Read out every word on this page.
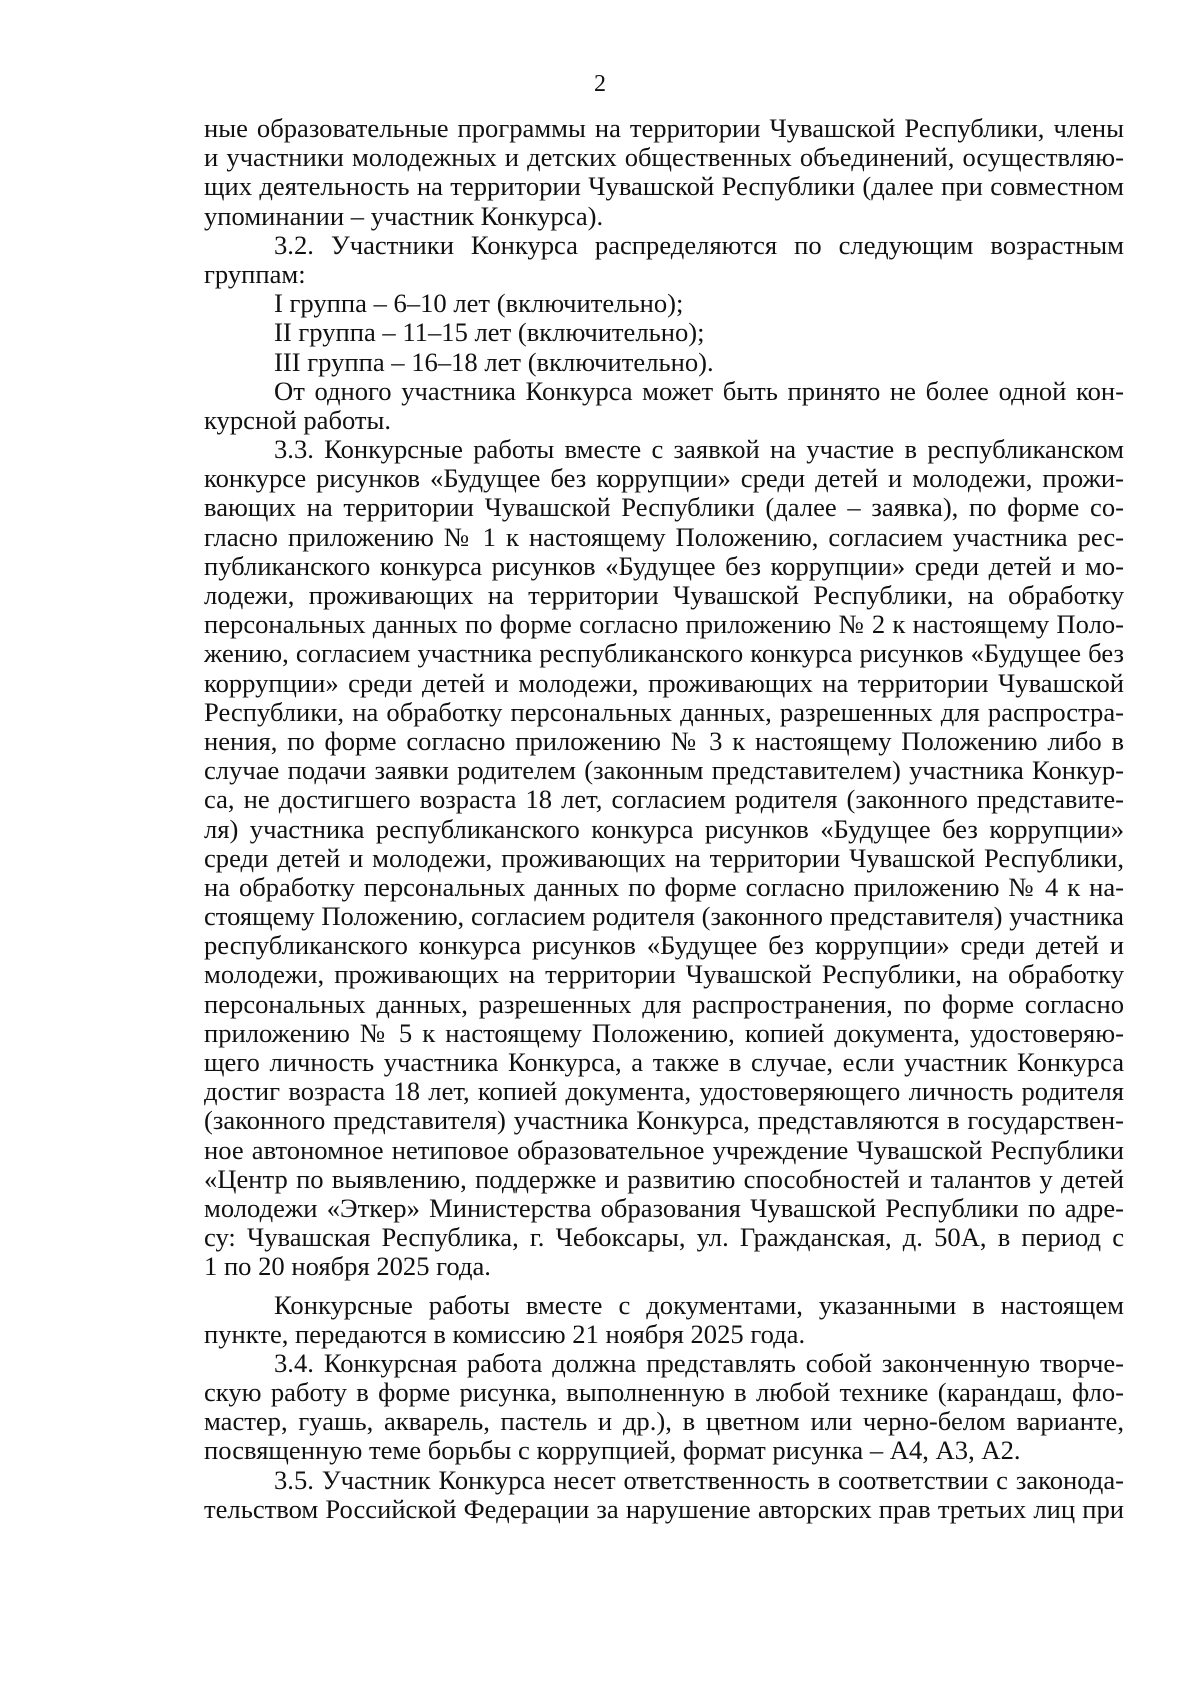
2
ные образовательные программы на территории Чувашской Республики, члены
и участники молодежных и детских общественных объединений, осуществляю-
щих деятельность на территории Чувашской Республики (далее при совместном
упоминании – участник Конкурса).
3.2. Участники Конкурса распределяются по следующим возрастным
группам:
I группа – 6–10 лет (включительно);
II группа – 11–15 лет (включительно);
III группа – 16–18 лет (включительно).
От одного участника Конкурса может быть принято не более одной кон-
курсной работы.
3.3. Конкурсные работы вместе с заявкой на участие в республиканском
конкурсе рисунков «Будущее без коррупции» среди детей и молодежи, прожи-
вающих на территории Чувашской Республики (далее – заявка), по форме со-
гласно приложению № 1 к настоящему Положению, согласием участника рес-
публиканского конкурса рисунков «Будущее без коррупции» среди детей и мо-
лодежи, проживающих на территории Чувашской Республики, на обработку
персональных данных по форме согласно приложению № 2 к настоящему Поло-
жению, согласием участника республиканского конкурса рисунков «Будущее без
коррупции» среди детей и молодежи, проживающих на территории Чувашской
Республики, на обработку персональных данных, разрешенных для распростра-
нения, по форме согласно приложению № 3 к настоящему Положению либо в
случае подачи заявки родителем (законным представителем) участника Конкур-
са, не достигшего возраста 18 лет, согласием родителя (законного представите-
ля) участника республиканского конкурса рисунков «Будущее без коррупции»
среди детей и молодежи, проживающих на территории Чувашской Республики,
на обработку персональных данных по форме согласно приложению № 4 к на-
стоящему Положению, согласием родителя (законного представителя) участника
республиканского конкурса рисунков «Будущее без коррупции» среди детей и
молодежи, проживающих на территории Чувашской Республики, на обработку
персональных данных, разрешенных для распространения, по форме согласно
приложению № 5 к настоящему Положению, копией документа, удостоверяю-
щего личность участника Конкурса, а также в случае, если участник Конкурса
достиг возраста 18 лет, копией документа, удостоверяющего личность родителя
(законного представителя) участника Конкурса, представляются в государствен-
ное автономное нетиповое образовательное учреждение Чувашской Республики
«Центр по выявлению, поддержке и развитию способностей и талантов у детей
молодежи «Эткер» Министерства образования Чувашской Республики по адре-
су: Чувашская Республика, г. Чебоксары, ул. Гражданская, д. 50А, в период с
1 по 20 ноября 2025 года.
Конкурсные работы вместе с документами, указанными в настоящем
пункте, передаются в комиссию 21 ноября 2025 года.
3.4. Конкурсная работа должна представлять собой законченную творче-
скую работу в форме рисунка, выполненную в любой технике (карандаш, фло-
мастер, гуашь, акварель, пастель и др.), в цветном или черно-белом варианте,
посвященную теме борьбы с коррупцией, формат рисунка – А4, А3, А2.
3.5. Участник Конкурса несет ответственность в соответствии с законода-
тельством Российской Федерации за нарушение авторских прав третьих лиц при
